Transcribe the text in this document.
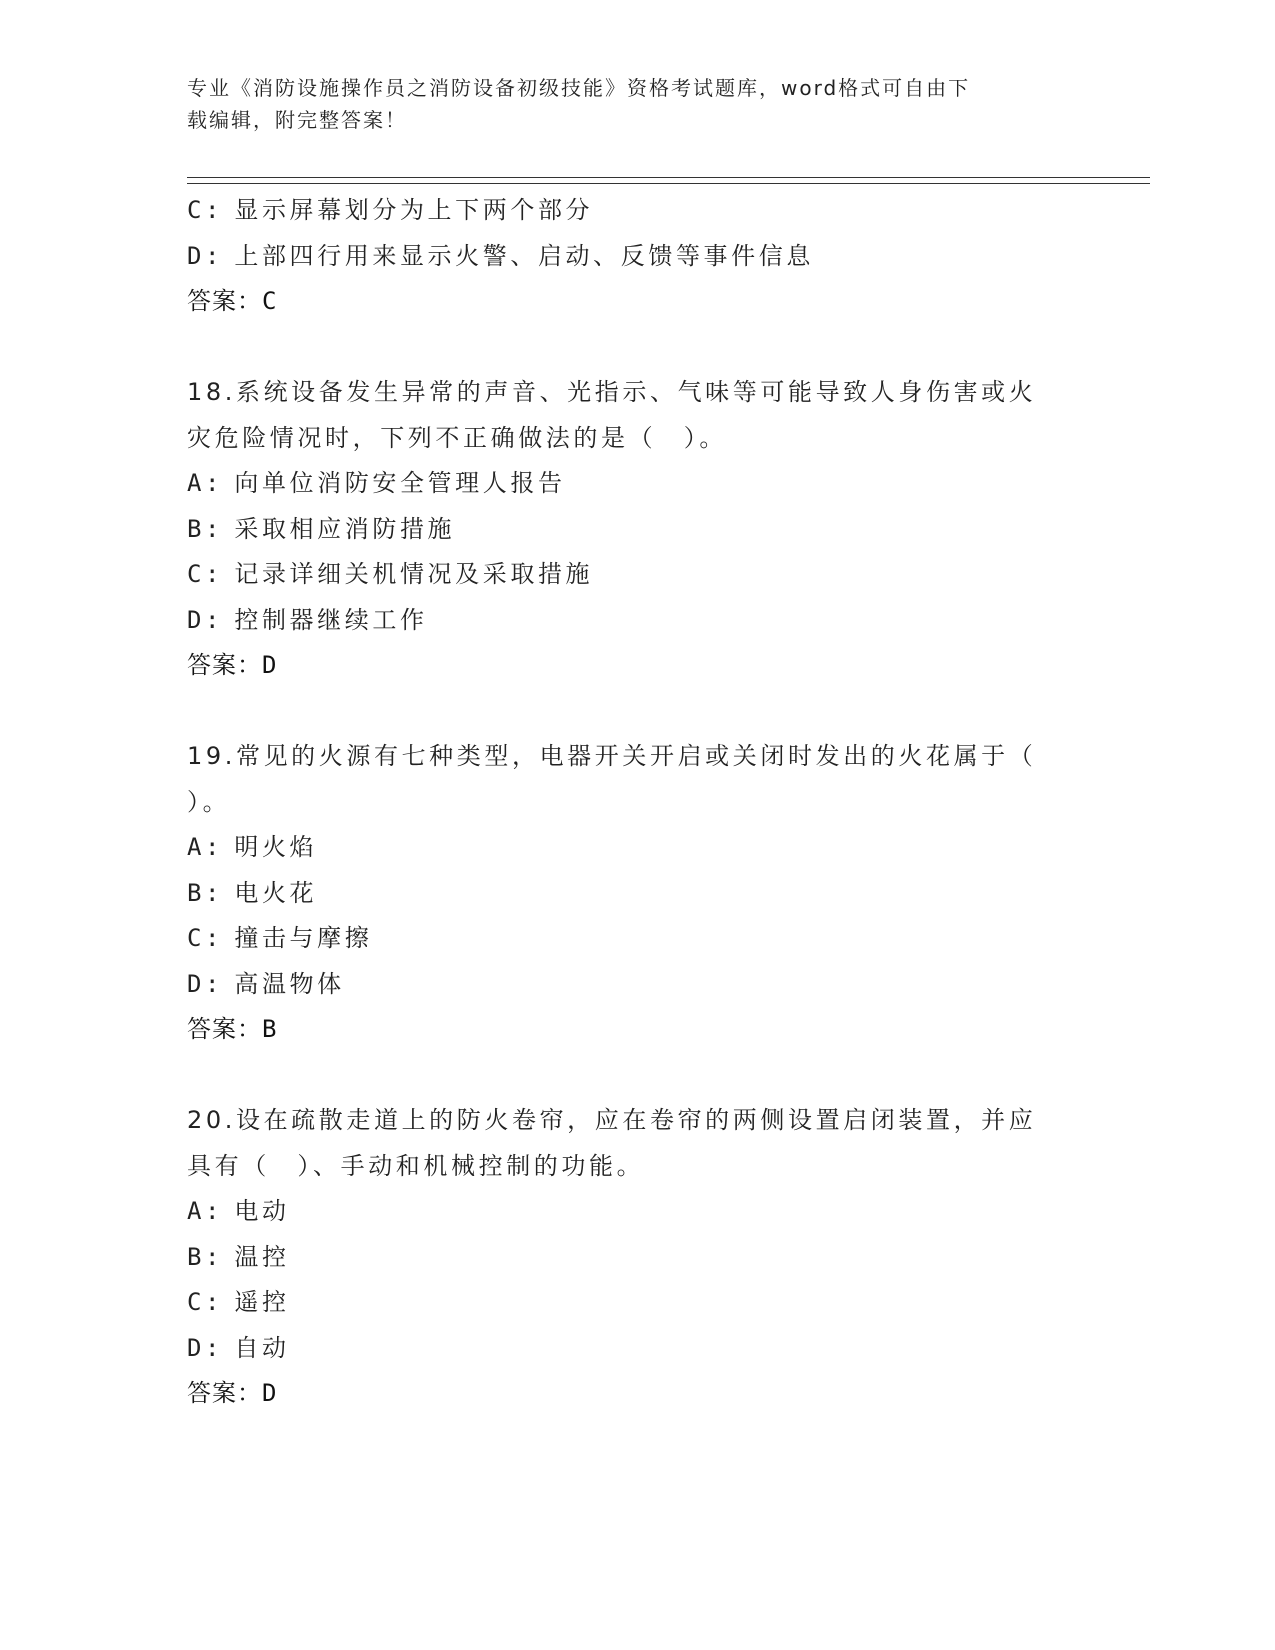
专业《消防设施操作员之消防设备初级技能》资格考试题库，word格式可自由下
载编辑，附完整答案！
C: 显示屏幕划分为上下两个部分
D: 上部四行用来显示火警、启动、反馈等事件信息
答案：C
18.系统设备发生异常的声音、光指示、气味等可能导致人身伤害或火
灾危险情况时，下列不正确做法的是（　）。
A: 向单位消防安全管理人报告
B: 采取相应消防措施
C: 记录详细关机情况及采取措施
D: 控制器继续工作
答案：D
19.常见的火源有七种类型，电器开关开启或关闭时发出的火花属于（
）。
A: 明火焰
B: 电火花
C: 撞击与摩擦
D: 高温物体
答案：B
20.设在疏散走道上的防火卷帘，应在卷帘的两侧设置启闭装置，并应
具有（　）、手动和机械控制的功能。
A: 电动
B: 温控
C: 遥控
D: 自动
答案：D
